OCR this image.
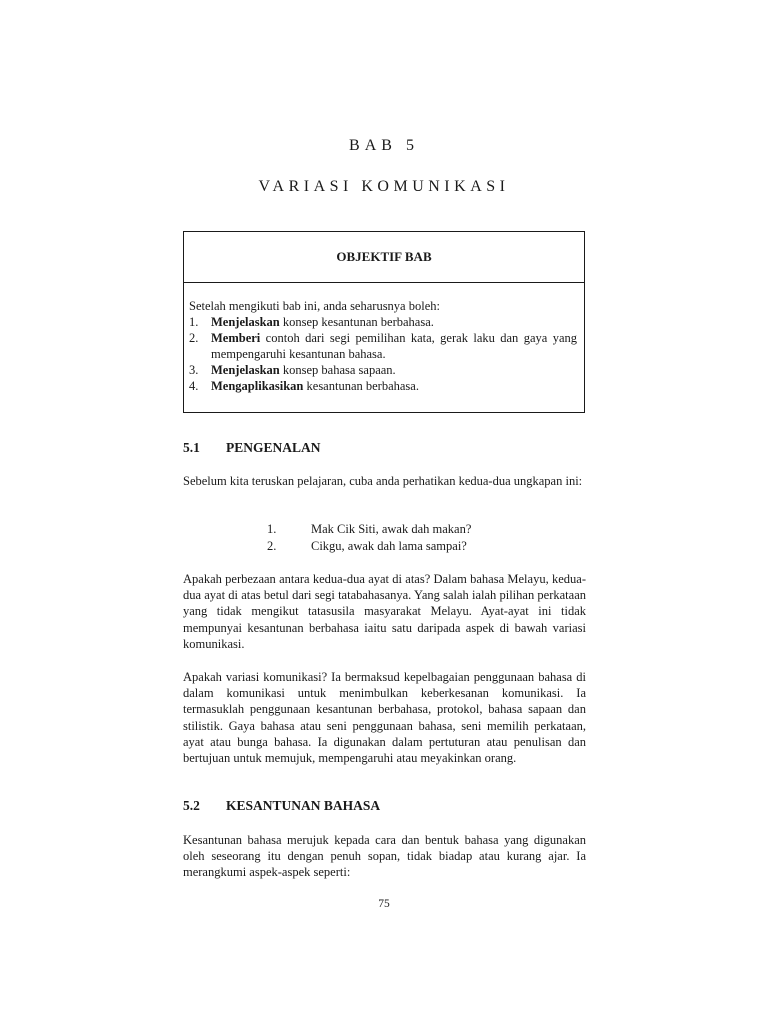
BAB 5
VARIASI KOMUNIKASI
OBJEKTIF BAB

Setelah mengikuti bab ini, anda seharusnya boleh:

1.	Menjelaskan konsep kesantunan berbahasa.
2.	Memberi contoh dari segi pemilihan kata, gerak laku dan gaya yang mempengaruhi kesantunan bahasa.
3.	Menjelaskan konsep bahasa sapaan.
4.	Mengaplikasikan kesantunan berbahasa.
5.1	PENGENALAN

Sebelum kita teruskan pelajaran, cuba anda perhatikan kedua-dua ungkapan ini:

1.	Mak Cik Siti, awak dah makan?
2.	Cikgu, awak dah lama sampai?

Apakah perbezaan antara kedua-dua ayat di atas? Dalam bahasa Melayu, kedua-dua ayat di atas betul dari segi tatabahasanya. Yang salah ialah pilihan perkataan yang tidak mengikut tatasusila masyarakat Melayu. Ayat-ayat ini tidak mempunyai kesantunan berbahasa iaitu satu daripada aspek di bawah variasi komunikasi.

Apakah variasi komunikasi? Ia bermaksud kepelbagaian penggunaan bahasa di dalam komunikasi untuk menimbulkan keberkesanan komunikasi. Ia termasuklah penggunaan kesantunan berbahasa, protokol, bahasa sapaan dan stilistik. Gaya bahasa atau seni penggunaan bahasa, seni memilih perkataan, ayat atau bunga bahasa. Ia digunakan dalam pertuturan atau penulisan dan bertujuan untuk memujuk, mempengaruhi atau meyakinkan orang.

5.2	KESANTUNAN BAHASA

Kesantunan bahasa merujuk kepada cara dan bentuk bahasa yang digunakan oleh seseorang itu dengan penuh sopan, tidak biadap atau kurang ajar. Ia merangkumi aspek-aspek seperti:

75
